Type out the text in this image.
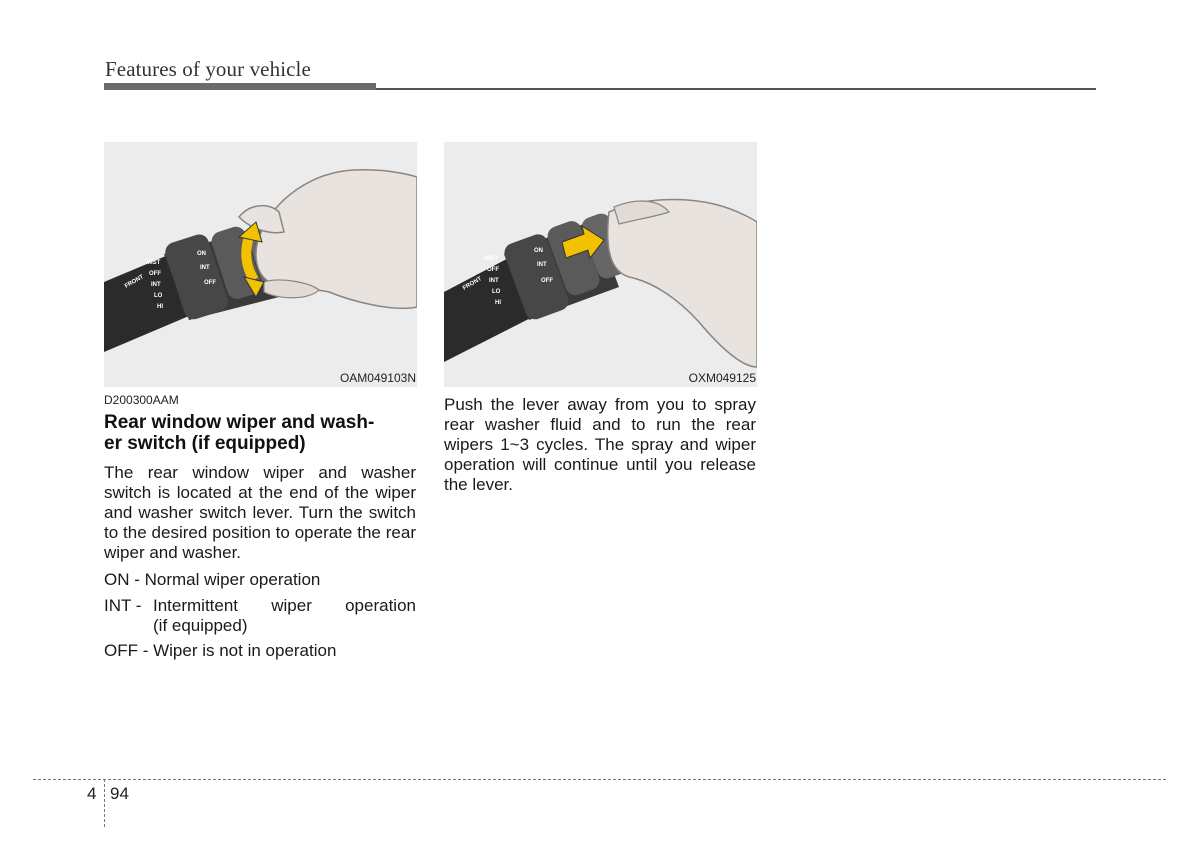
Features of your vehicle
FRONT
MIST
OFF
INT
LO
HI
ON
INT
OFF
OAM049103N
FRONT
MIST
OFF
INT
LO
HI
ON
INT
OFF
OXM049125
D200300AAM
Rear window wiper and wash-
er switch (if equipped)
The rear window wiper and washer switch is located at the end of the wiper and washer switch lever. Turn the switch to the desired position to operate the rear wiper and washer.
ON - Normal wiper operation
INT - Intermittent wiper operation
(if equipped)
OFF - Wiper is not in operation
Push the lever away from you to spray rear washer fluid and to run the rear wipers 1~3 cycles. The spray and wiper operation will continue until you release the lever.
4 94
